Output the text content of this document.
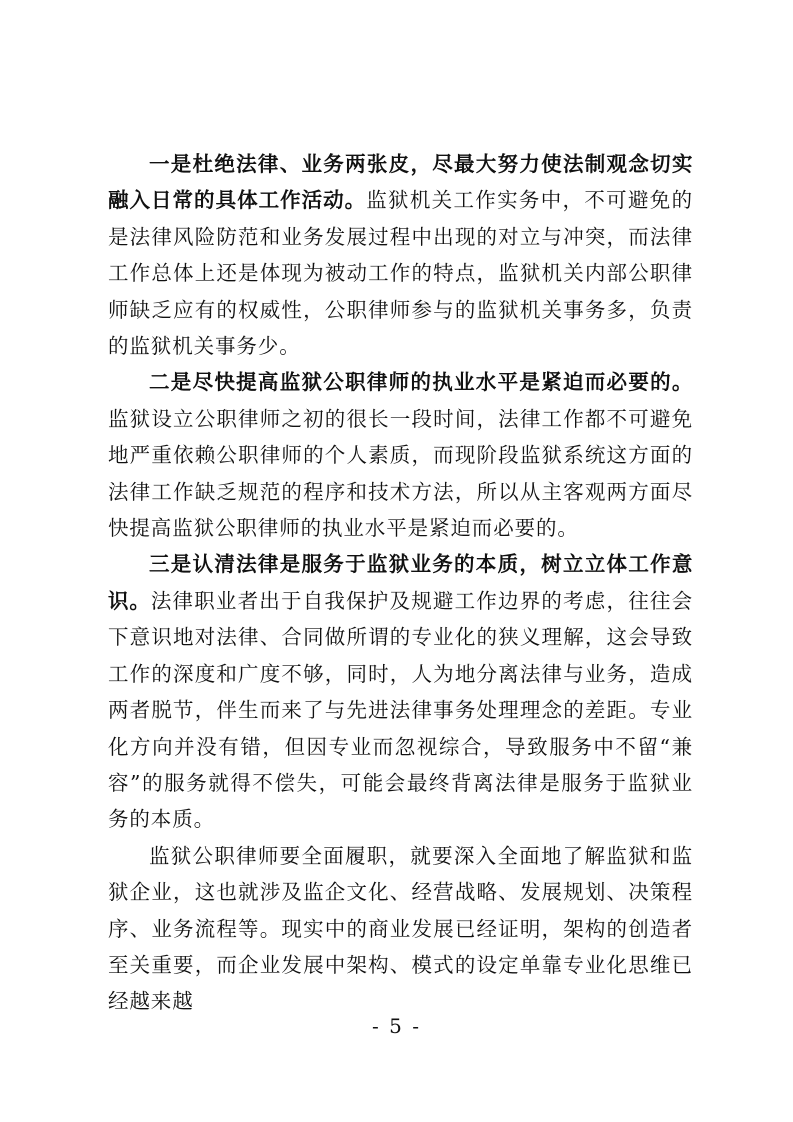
一是杜绝法律、业务两张皮，尽最大努力使法制观念切实融入日常的具体工作活动。监狱机关工作实务中，不可避免的是法律风险防范和业务发展过程中出现的对立与冲突，而法律工作总体上还是体现为被动工作的特点，监狱机关内部公职律师缺乏应有的权威性，公职律师参与的监狱机关事务多，负责的监狱机关事务少。

二是尽快提高监狱公职律师的执业水平是紧迫而必要的。监狱设立公职律师之初的很长一段时间，法律工作都不可避免地严重依赖公职律师的个人素质，而现阶段监狱系统这方面的法律工作缺乏规范的程序和技术方法，所以从主客观两方面尽快提高监狱公职律师的执业水平是紧迫而必要的。

三是认清法律是服务于监狱业务的本质，树立立体工作意识。法律职业者出于自我保护及规避工作边界的考虑，往往会下意识地对法律、合同做所谓的专业化的狭义理解，这会导致工作的深度和广度不够，同时，人为地分离法律与业务，造成两者脱节，伴生而来了与先进法律事务处理理念的差距。专业化方向并没有错，但因专业而忽视综合，导致服务中不留“兼容”的服务就得不偿失，可能会最终背离法律是服务于监狱业务的本质。

监狱公职律师要全面履职，就要深入全面地了解监狱和监狱企业，这也就涉及监企文化、经营战略、发展规划、决策程序、业务流程等。现实中的商业发展已经证明，架构的创造者至关重要，而企业发展中架构、模式的设定单靠专业化思维已经越来越

- 5 -
